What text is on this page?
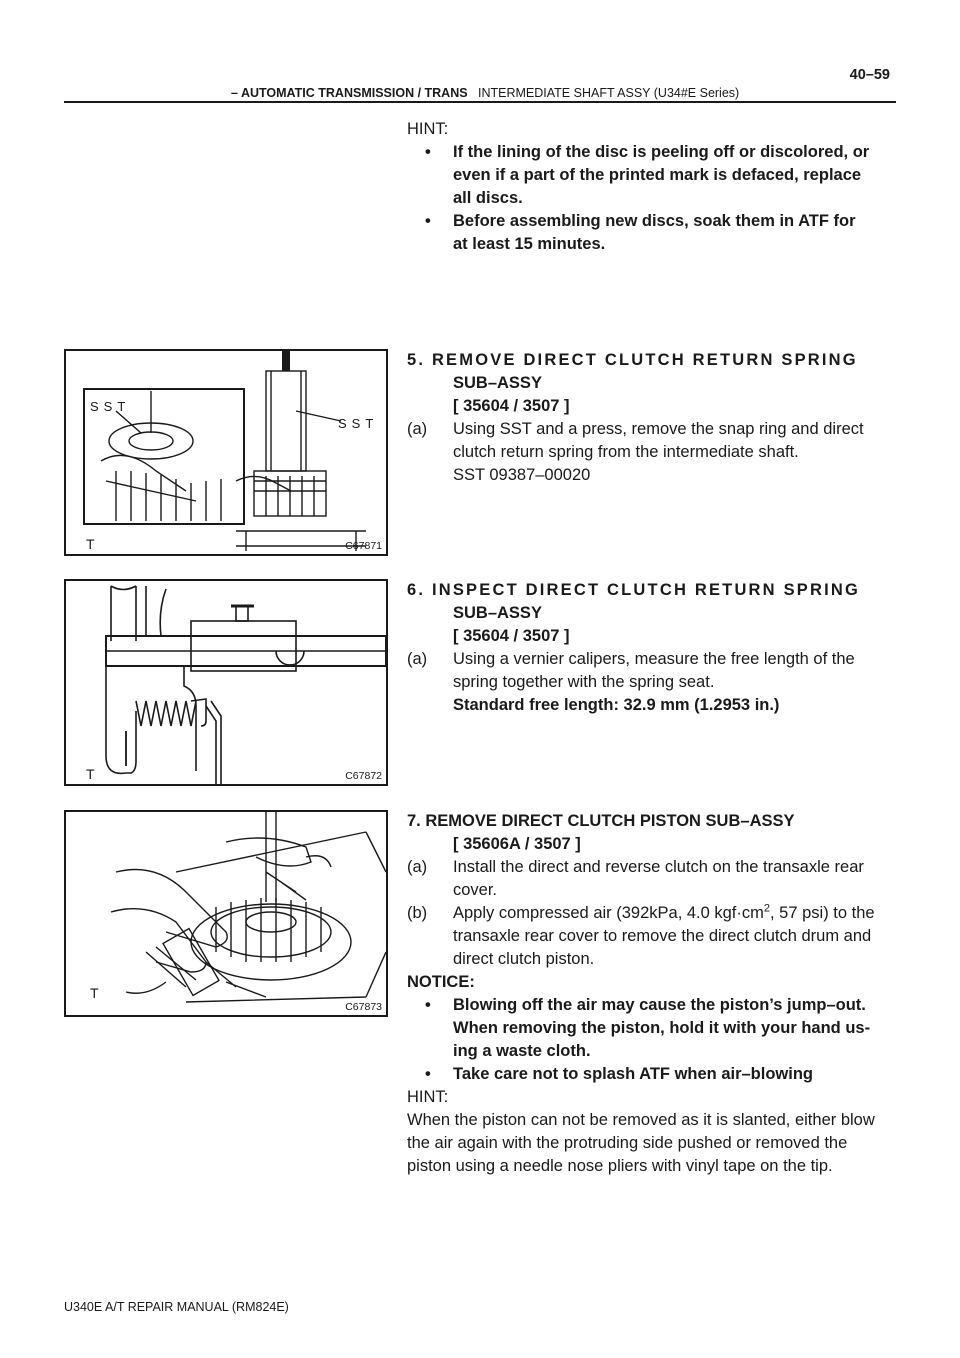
– AUTOMATIC TRANSMISSION / TRANS INTERMEDIATE SHAFT ASSY (U34#E Series)
40–59
HINT:
• If the lining of the disc is peeling off or discolored, or
even if a part of the printed mark is defaced, replace
all discs.
• Before assembling new discs, soak them in ATF for
at least 15 minutes.
SST
SST
T	C67871
5. REMOVE DIRECT CLUTCH RETURN SPRING
SUB–ASSY
[ 35604 / 3507 ]
(a) Using SST and a press, remove the snap ring and direct
clutch return spring from the intermediate shaft.
SST 09387–00020
T	C67872
6. INSPECT DIRECT CLUTCH RETURN SPRING
SUB–ASSY
[ 35604 / 3507 ]
(a) Using a vernier calipers, measure the free length of the
spring together with the spring seat.
Standard free length: 32.9 mm (1.2953 in.)
T
C67873
7. REMOVE DIRECT CLUTCH PISTON SUB–ASSY
[ 35606A / 3507 ]
(a) Install the direct and reverse clutch on the transaxle rear
cover.
(b) Apply compressed air (392kPa, 4.0 $kgf\cdot cm^2$, 57 psi) to the
transaxle rear cover to remove the direct clutch drum and
direct clutch piston.
NOTICE:
• Blowing off the air may cause the piston’s jump–out.
When removing the piston, hold it with your hand us-
ing a waste cloth.
• Take care not to splash ATF when air–blowing
HINT:
When the piston can not be removed as it is slanted, either blow
the air again with the protruding side pushed or removed the
piston using a needle nose pliers with vinyl tape on the tip.
U340E A/T REPAIR MANUAL (RM824E)
